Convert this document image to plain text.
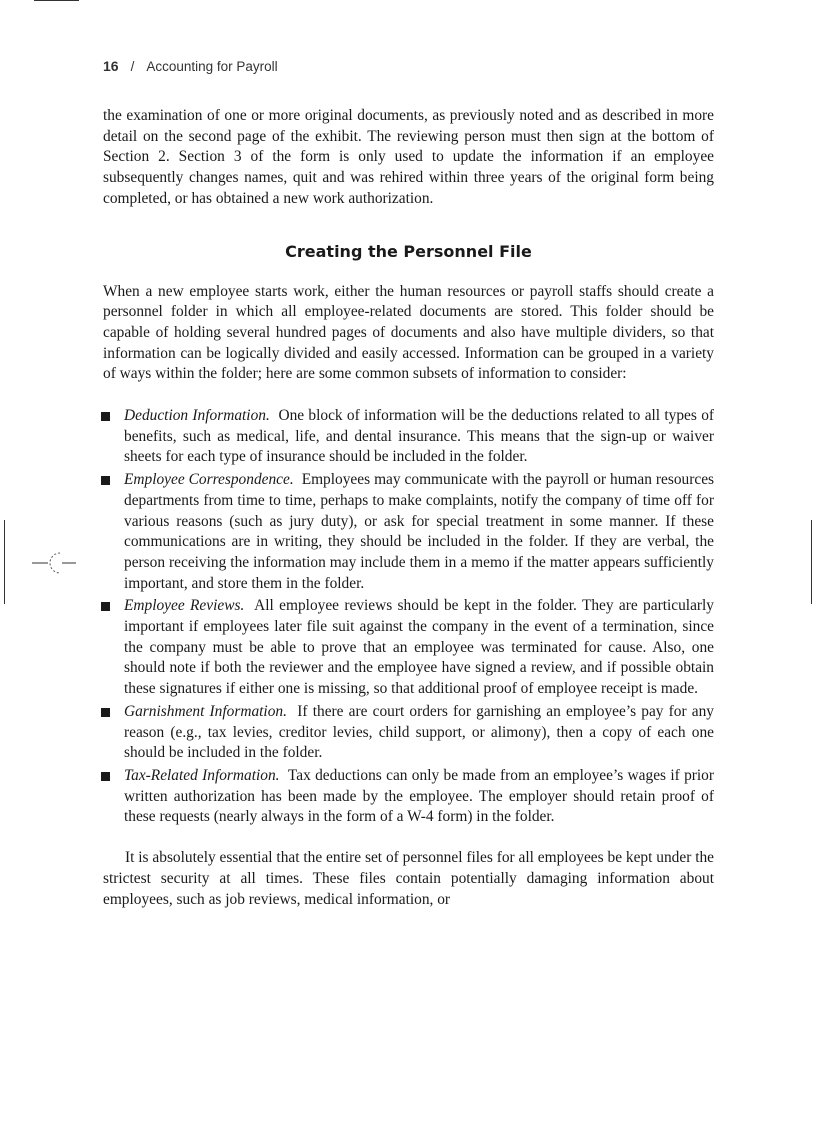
16 / Accounting for Payroll

the examination of one or more original documents, as previously noted and as described in more detail on the second page of the exhibit. The reviewing person must then sign at the bottom of Section 2. Section 3 of the form is only used to update the information if an employee subsequently changes names, quit and was rehired within three years of the original form being completed, or has obtained a new work authorization.

Creating the Personnel File

When a new employee starts work, either the human resources or payroll staffs should create a personnel folder in which all employee-related documents are stored. This folder should be capable of holding several hundred pages of documents and also have multiple dividers, so that information can be logically divided and easily accessed. Information can be grouped in a variety of ways within the folder; here are some common subsets of information to consider:

Deduction Information. One block of information will be the deductions related to all types of benefits, such as medical, life, and dental insurance. This means that the sign-up or waiver sheets for each type of insurance should be included in the folder.
Employee Correspondence. Employees may communicate with the payroll or human resources departments from time to time, perhaps to make complaints, notify the company of time off for various reasons (such as jury duty), or ask for special treatment in some manner. If these communications are in writing, they should be included in the folder. If they are verbal, the person receiving the information may include them in a memo if the matter appears sufficiently important, and store them in the folder.
Employee Reviews. All employee reviews should be kept in the folder. They are particularly important if employees later file suit against the company in the event of a termination, since the company must be able to prove that an employee was terminated for cause. Also, one should note if both the reviewer and the employee have signed a review, and if possible obtain these signatures if either one is missing, so that additional proof of employee receipt is made.
Garnishment Information. If there are court orders for garnishing an employee’s pay for any reason (e.g., tax levies, creditor levies, child support, or alimony), then a copy of each one should be included in the folder.
Tax-Related Information. Tax deductions can only be made from an employee’s wages if prior written authorization has been made by the employee. The employer should retain proof of these requests (nearly always in the form of a W-4 form) in the folder.

It is absolutely essential that the entire set of personnel files for all employees be kept under the strictest security at all times. These files contain potentially damaging information about employees, such as job reviews, medical information, or
